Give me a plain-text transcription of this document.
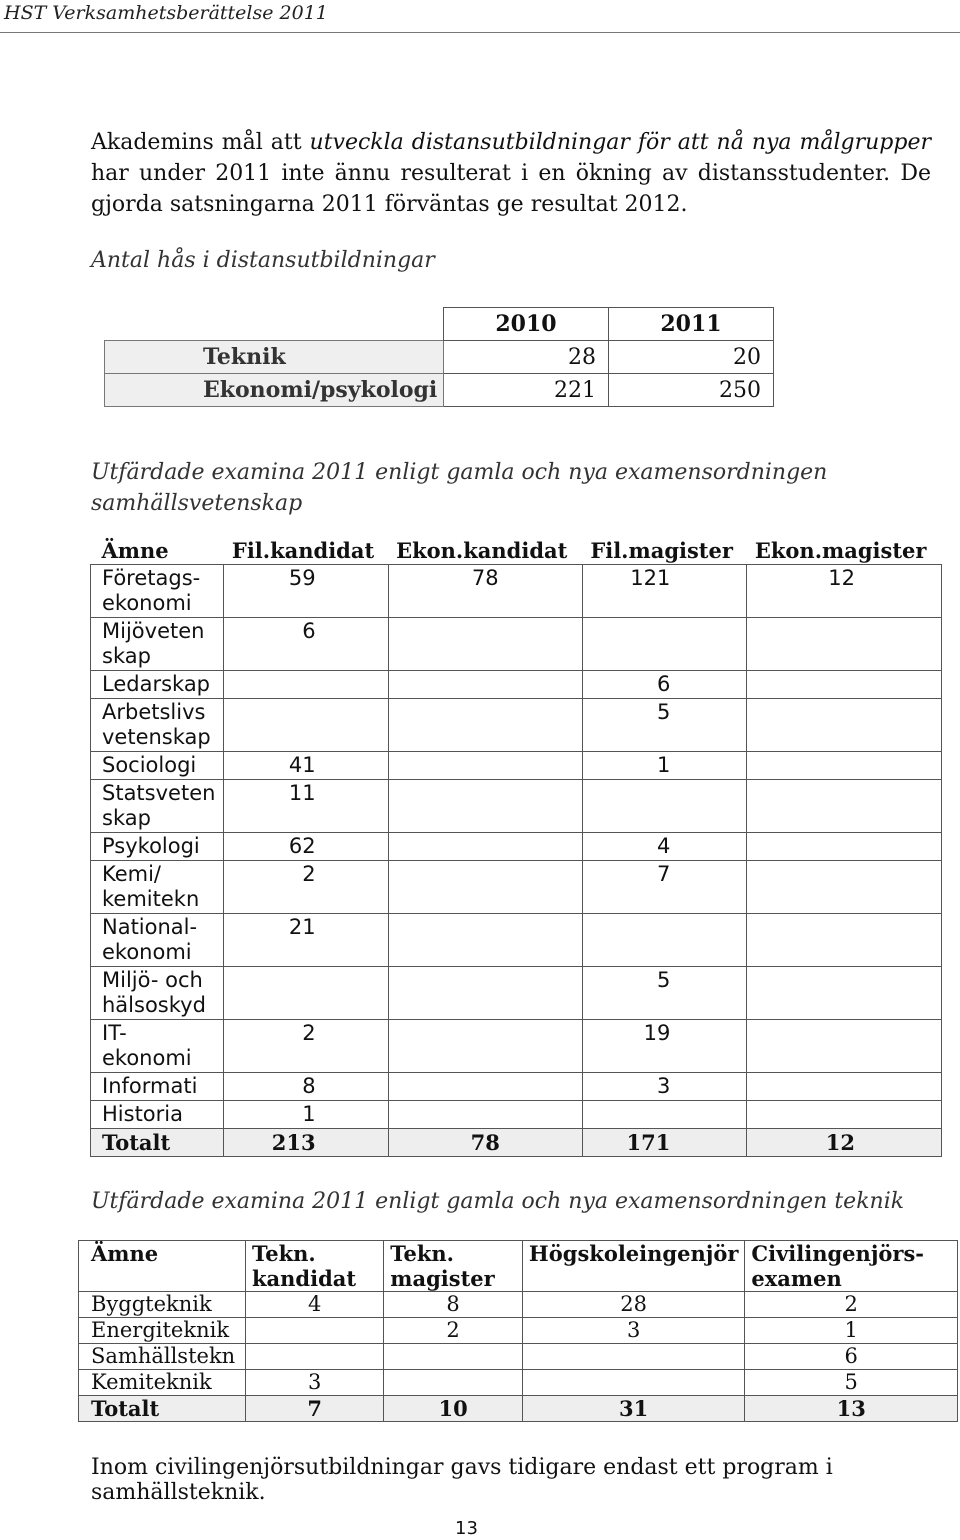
HST Verksamhetsberättelse 2011
Akademins mål att utveckla distansutbildningar för att nå nya målgrupper har under 2011 inte ännu resulterat i en ökning av distansstudenter. De gjorda satsningarna 2011 förväntas ge resultat 2012.
Antal hås i distansutbildningar
	2010	2011
Teknik	28	20
Ekonomi/psykologi	221	250
Utfärdade examina 2011 enligt gamla och nya examensordningen samhällsvetenskap
Ämne	Fil.kandidat	Ekon.kandidat	Fil.magister	Ekon.magister
Företags-ekonomi	59	78	121	12
Mijöveten skap	6			
Ledarskap			6	
Arbetslivs vetenskap			5	
Sociologi	41		1	
Statsveten skap	11			
Psykologi	62		4	
Kemi/ kemitekn	2		7	
National-ekonomi	21			
Miljö- och hälsoskyd			5	
IT-ekonomi	2		19	
Informati	8		3	
Historia	1			
Totalt	213	78	171	12
Utfärdade examina 2011 enligt gamla och nya examensordningen teknik
Ämne	Tekn. kandidat	Tekn. magister	Högskoleingenjör	Civilingenjörs-examen
Byggteknik	4	8	28	2
Energiteknik		2	3	1
Samhällstekn				6
Kemiteknik	3			5
Totalt	7	10	31	13
Inom civilingenjörsutbildningar gavs tidigare endast ett program i samhällsteknik.
13
